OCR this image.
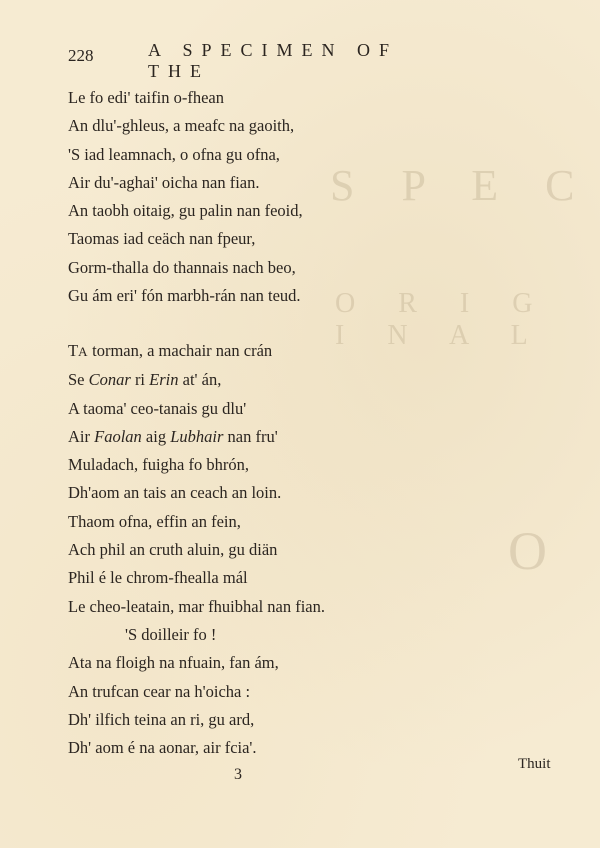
S P E C
O R I G I N A L
O
228	A SPECIMEN OF THE
Le fo edi' taifin o-fhean
An dlu'-ghleus, a meafc na gaoith,
'S iad leamnach, o ofna gu ofna,
Air du'-aghai' oicha nan fian.
An taobh oitaig, gu palin nan feoid,
Taomas iad ceäch nan fpeur,
Gorm-thalla do thannais nach beo,
Gu ám eri' fón marbh-rán nan teud.
TA torman, a machair nan crán
Se Conar ri Erin at' án,
A taoma' ceo-tanais gu dlu'
Air Faolan aig Lubhair nan fru'
Muladach, fuigha fo bhrón,
Dh'aom an tais an ceach an loin.
Thaom ofna, effin an fein,
Ach phil an cruth aluin, gu diän
Phil é le chrom-fhealla mál
Le cheo-leatain, mar fhuibhal nan fian.
'S doilleir fo !
Ata na floigh na nfuain, fan ám,
An trufcan cear na h'oicha :
Dh' ilfich teina an ri, gu ard,
Dh' aom é na aonar, air fcia'.
3
Thuit
